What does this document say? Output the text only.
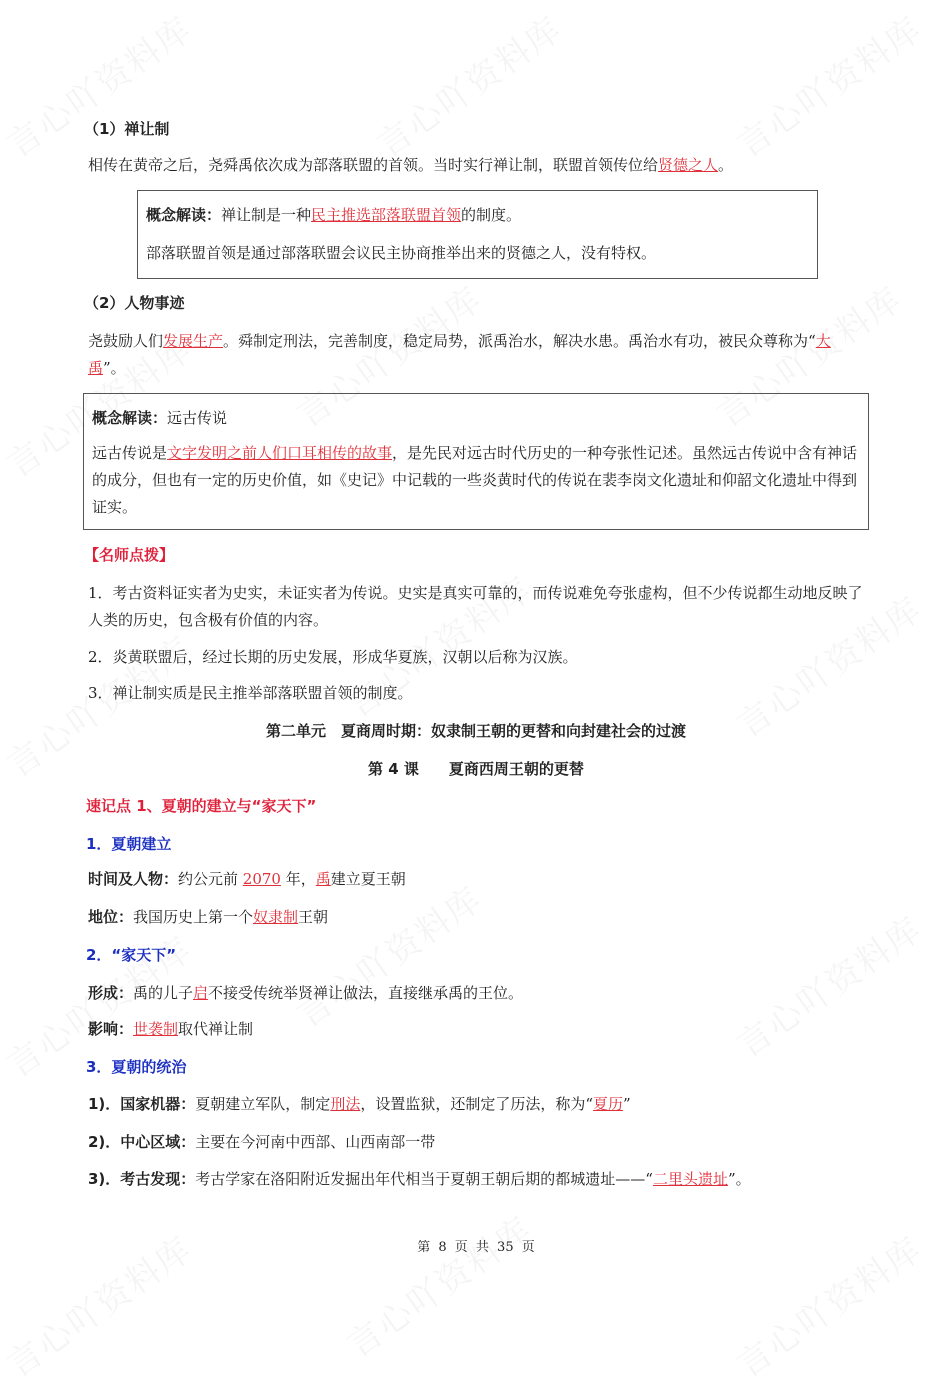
（1）禅让制
相传在黄帝之后，尧舜禹依次成为部落联盟的首领。当时实行禅让制，联盟首领传位给贤德之人。
概念解读：禅让制是一种民主推选部落联盟首领的制度。
部落联盟首领是通过部落联盟会议民主协商推举出来的贤德之人，没有特权。
（2）人物事迹
尧鼓励人们发展生产。舜制定刑法，完善制度，稳定局势，派禹治水，解决水患。禹治水有功，被民众尊称为“大禹”。
概念解读：远古传说
远古传说是文字发明之前人们口耳相传的故事，是先民对远古时代历史的一种夸张性记述。虽然远古传说中含有神话的成分，但也有一定的历史价值，如《史记》中记载的一些炎黄时代的传说在裴李岗文化遗址和仰韶文化遗址中得到证实。
【名师点拨】
1．考古资料证实者为史实，未证实者为传说。史实是真实可靠的，而传说难免夸张虚构，但不少传说都生动地反映了人类的历史，包含极有价值的内容。
2．炎黄联盟后，经过长期的历史发展，形成华夏族，汉朝以后称为汉族。
3．禅让制实质是民主推举部落联盟首领的制度。
第二单元　夏商周时期：奴隶制王朝的更替和向封建社会的过渡
第 4 课　　夏商西周王朝的更替
速记点 1、夏朝的建立与“家天下”
1．夏朝建立
时间及人物：约公元前 2070 年，禹建立夏王朝
地位：我国历史上第一个奴隶制王朝
2．“家天下”
形成：禹的儿子启不接受传统举贤禅让做法，直接继承禹的王位。
影响：世袭制取代禅让制
3．夏朝的统治
1)．国家机器：夏朝建立军队，制定刑法，设置监狱，还制定了历法，称为“夏历”
2)．中心区域：主要在今河南中西部、山西南部一带
3)．考古发现：考古学家在洛阳附近发掘出年代相当于夏朝王朝后期的都城遗址——“二里头遗址”。
第 8 页 共 35 页
